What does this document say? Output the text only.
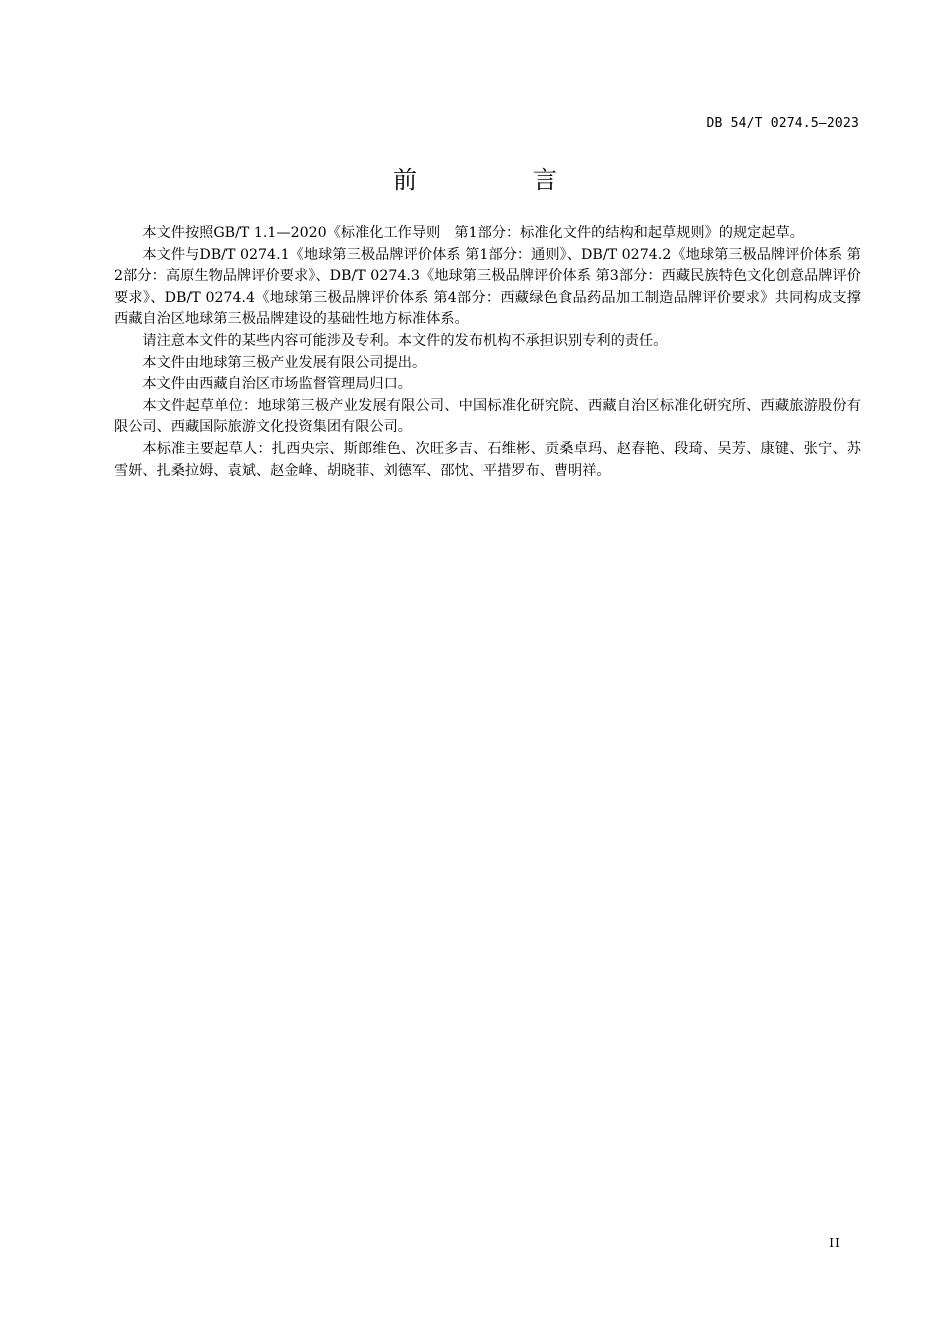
DB 54/T 0274.5—2023
前　言

本文件按照GB/T 1.1—2020《标准化工作导则　第1部分：标准化文件的结构和起草规则》的规定起草。

本文件与DB/T 0274.1《地球第三极品牌评价体系 第1部分：通则》、DB/T 0274.2《地球第三极品牌评价体系 第2部分：高原生物品牌评价要求》、DB/T 0274.3《地球第三极品牌评价体系 第3部分：西藏民族特色文化创意品牌评价要求》、DB/T 0274.4《地球第三极品牌评价体系 第4部分：西藏绿色食品药品加工制造品牌评价要求》共同构成支撑西藏自治区地球第三极品牌建设的基础性地方标准体系。

请注意本文件的某些内容可能涉及专利。本文件的发布机构不承担识别专利的责任。

本文件由地球第三极产业发展有限公司提出。

本文件由西藏自治区市场监督管理局归口。

本文件起草单位：地球第三极产业发展有限公司、中国标准化研究院、西藏自治区标准化研究所、西藏旅游股份有限公司、西藏国际旅游文化投资集团有限公司。

本标准主要起草人：扎西央宗、斯郎维色、次旺多吉、石维彬、贡桑卓玛、赵春艳、段琦、吴芳、康键、张宁、苏雪妍、扎桑拉姆、袁斌、赵金峰、胡晓菲、刘德军、邵忱、平措罗布、曹明祥。

II
